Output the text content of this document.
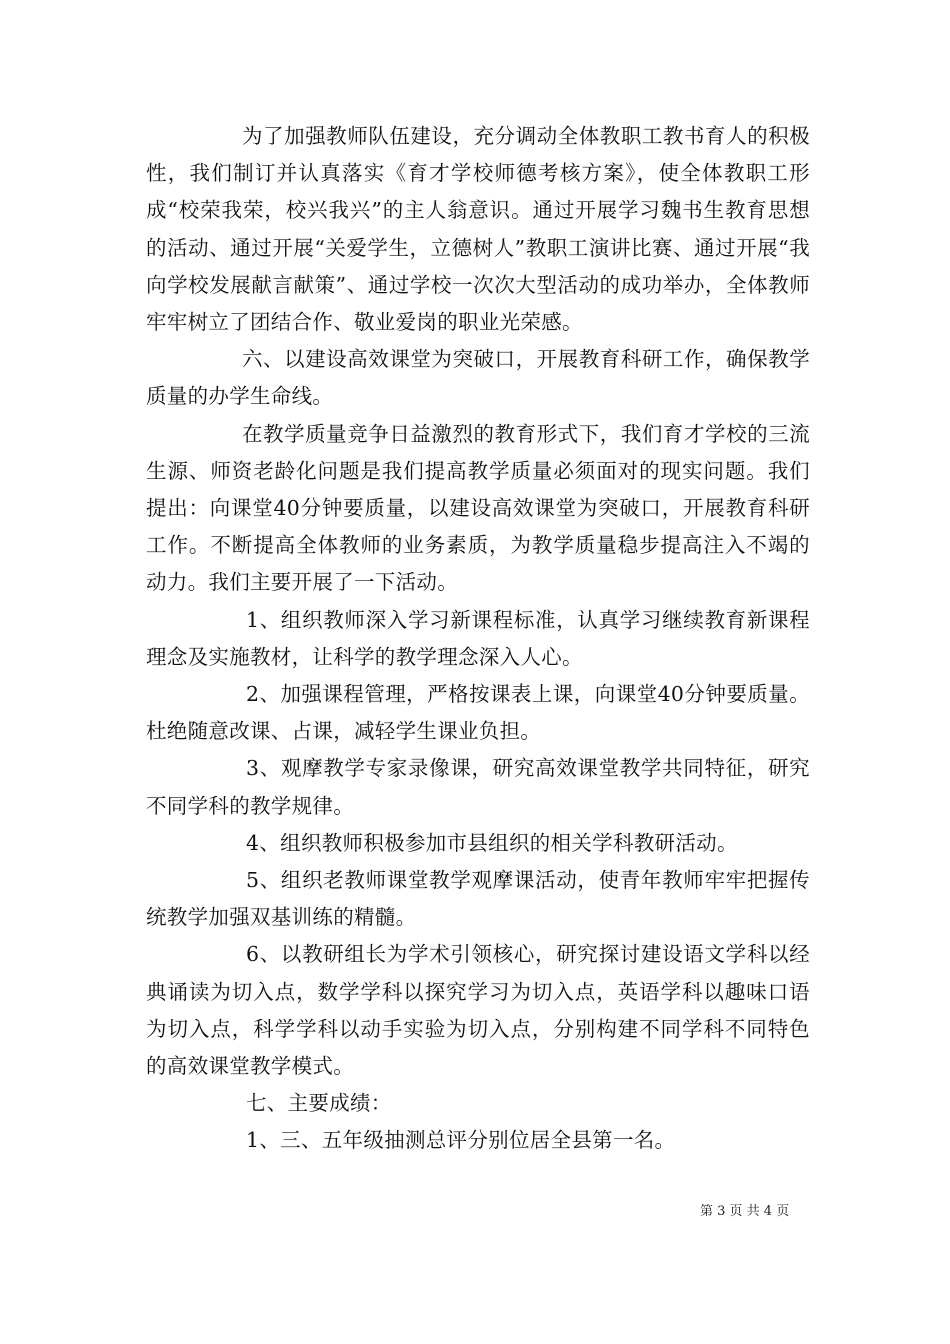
为了加强教师队伍建设，充分调动全体教职工教书育人的积极性，我们制订并认真落实《育才学校师德考核方案》，使全体教职工形成“校荣我荣，校兴我兴”的主人翁意识。通过开展学习魏书生教育思想的活动、通过开展“关爱学生，立德树人”教职工演讲比赛、通过开展“我向学校发展献言献策”、通过学校一次次大型活动的成功举办，全体教师牢牢树立了团结合作、敬业爱岗的职业光荣感。

六、以建设高效课堂为突破口，开展教育科研工作，确保教学质量的办学生命线。

在教学质量竞争日益激烈的教育形式下，我们育才学校的三流生源、师资老龄化问题是我们提高教学质量必须面对的现实问题。我们提出：向课堂40分钟要质量，以建设高效课堂为突破口，开展教育科研工作。不断提高全体教师的业务素质，为教学质量稳步提高注入不竭的动力。我们主要开展了一下活动。

1、组织教师深入学习新课程标准，认真学习继续教育新课程理念及实施教材，让科学的教学理念深入人心。

2、加强课程管理，严格按课表上课，向课堂40分钟要质量。杜绝随意改课、占课，减轻学生课业负担。

3、观摩教学专家录像课，研究高效课堂教学共同特征，研究不同学科的教学规律。

4、组织教师积极参加市县组织的相关学科教研活动。

5、组织老教师课堂教学观摩课活动，使青年教师牢牢把握传统教学加强双基训练的精髓。

6、以教研组长为学术引领核心，研究探讨建设语文学科以经典诵读为切入点，数学学科以探究学习为切入点，英语学科以趣味口语为切入点，科学学科以动手实验为切入点，分别构建不同学科不同特色的高效课堂教学模式。

七、主要成绩：

1、三、五年级抽测总评分别位居全县第一名。

第 3 页 共 4 页
